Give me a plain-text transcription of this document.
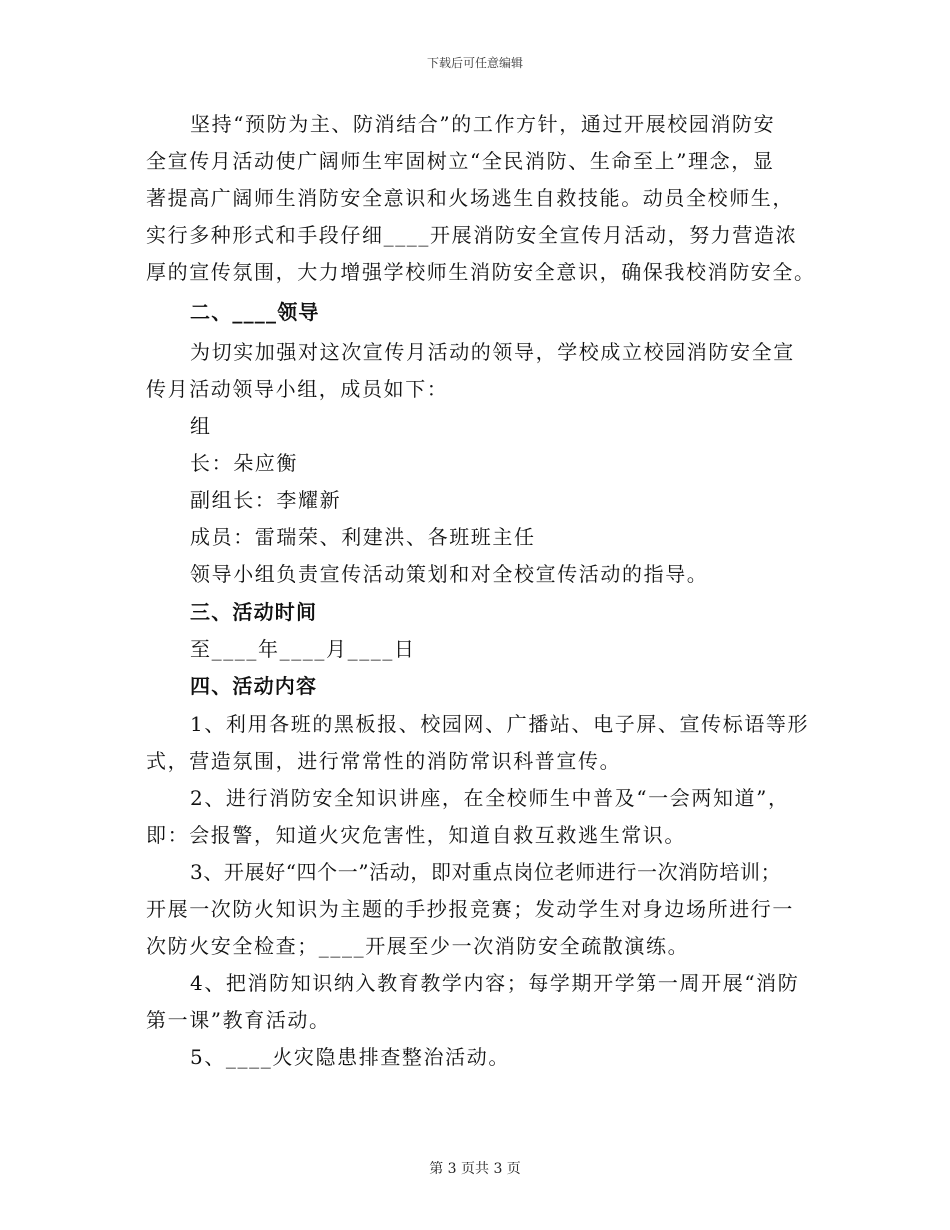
下载后可任意编辑
坚持“预防为主、防消结合”的工作方针，通过开展校园消防安
全宣传月活动使广阔师生牢固树立“全民消防、生命至上”理念，显
著提高广阔师生消防安全意识和火场逃生自救技能。动员全校师生，
实行多种形式和手段仔细____开展消防安全宣传月活动，努力营造浓
厚的宣传氛围，大力增强学校师生消防安全意识，确保我校消防安全。
二、____领导
为切实加强对这次宣传月活动的领导，学校成立校园消防安全宣
传月活动领导小组，成员如下：
组
长：朵应衡
副组长：李耀新
成员：雷瑞荣、利建洪、各班班主任
领导小组负责宣传活动策划和对全校宣传活动的指导。
三、活动时间
至____年____月____日
四、活动内容
1、利用各班的黑板报、校园网、广播站、电子屏、宣传标语等形
式，营造氛围，进行常常性的消防常识科普宣传。
2、进行消防安全知识讲座，在全校师生中普及“一会两知道”，
即：会报警，知道火灾危害性，知道自救互救逃生常识。
3、开展好“四个一”活动，即对重点岗位老师进行一次消防培训；
开展一次防火知识为主题的手抄报竞赛；发动学生对身边场所进行一
次防火安全检查；____开展至少一次消防安全疏散演练。
4、把消防知识纳入教育教学内容；每学期开学第一周开展“消防
第一课”教育活动。
5、____火灾隐患排查整治活动。
第 3 页共 3 页
